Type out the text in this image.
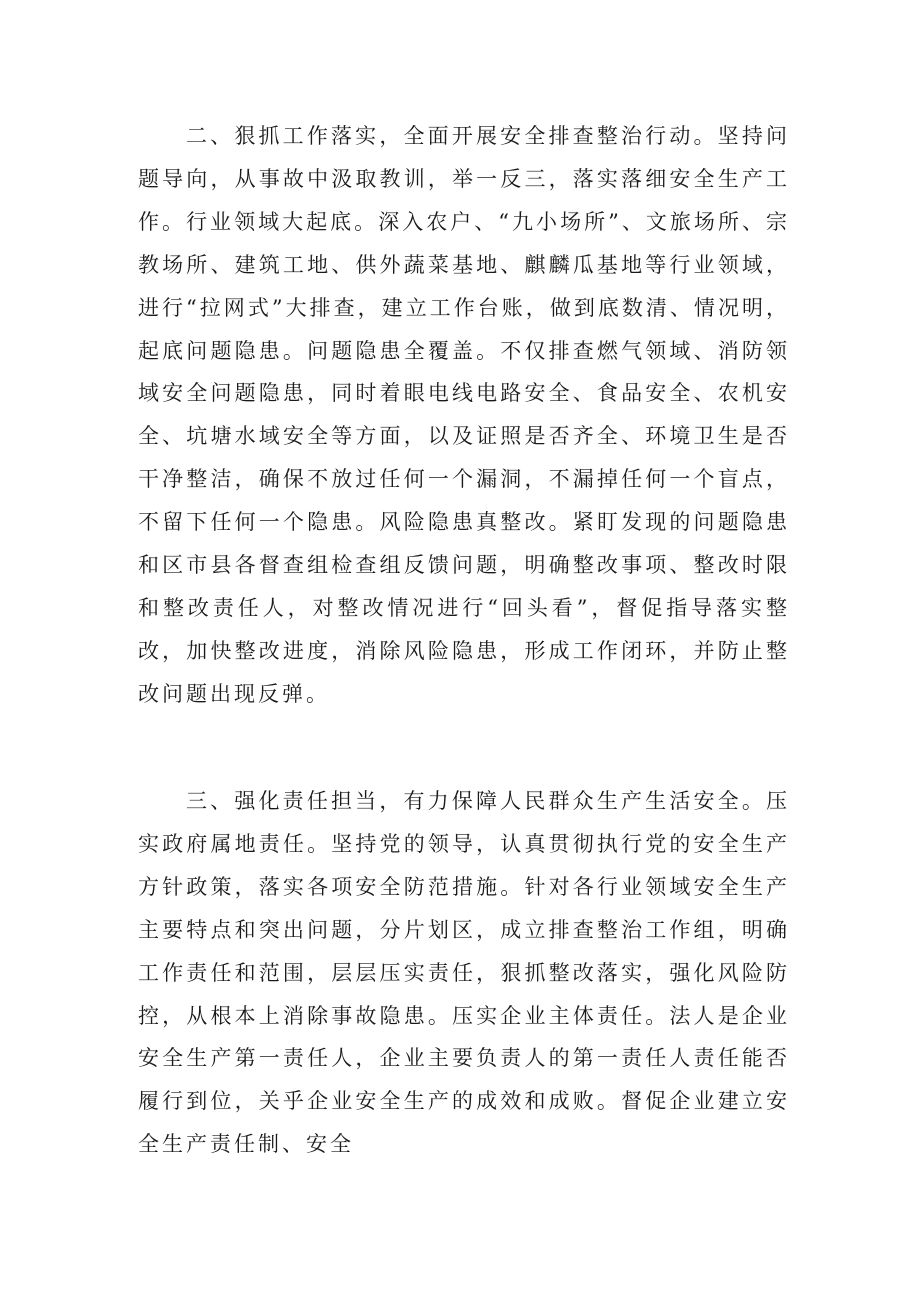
二、狠抓工作落实，全面开展安全排查整治行动。坚持问题导向，从事故中汲取教训，举一反三，落实落细安全生产工作。行业领域大起底。深入农户、“九小场所”、文旅场所、宗教场所、建筑工地、供外蔬菜基地、麒麟瓜基地等行业领域，进行“拉网式”大排查，建立工作台账，做到底数清、情况明，起底问题隐患。问题隐患全覆盖。不仅排查燃气领域、消防领域安全问题隐患，同时着眼电线电路安全、食品安全、农机安全、坑塘水域安全等方面，以及证照是否齐全、环境卫生是否干净整洁，确保不放过任何一个漏洞，不漏掉任何一个盲点，不留下任何一个隐患。风险隐患真整改。紧盯发现的问题隐患和区市县各督查组检查组反馈问题，明确整改事项、整改时限和整改责任人，对整改情况进行“回头看”，督促指导落实整改，加快整改进度，消除风险隐患，形成工作闭环，并防止整改问题出现反弹。

三、强化责任担当，有力保障人民群众生产生活安全。压实政府属地责任。坚持党的领导，认真贯彻执行党的安全生产方针政策，落实各项安全防范措施。针对各行业领域安全生产主要特点和突出问题，分片划区，成立排查整治工作组，明确工作责任和范围，层层压实责任，狠抓整改落实，强化风险防控，从根本上消除事故隐患。压实企业主体责任。法人是企业安全生产第一责任人，企业主要负责人的第一责任人责任能否履行到位，关乎企业安全生产的成效和成败。督促企业建立安全生产责任制、安全
